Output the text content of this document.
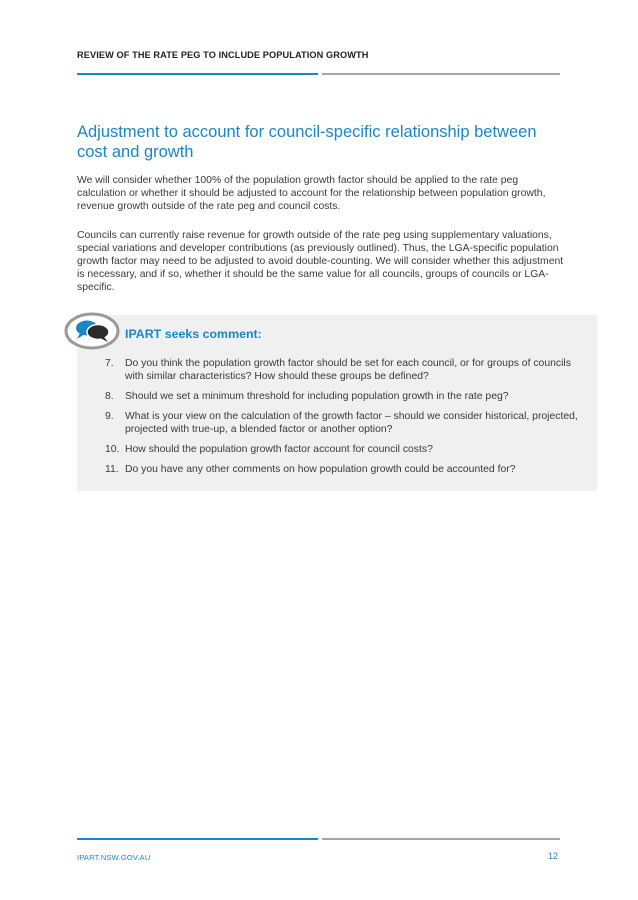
REVIEW OF THE RATE PEG TO INCLUDE POPULATION GROWTH
Adjustment to account for council-specific relationship between cost and growth

We will consider whether 100% of the population growth factor should be applied to the rate peg calculation or whether it should be adjusted to account for the relationship between population growth, revenue growth outside of the rate peg and council costs.

Councils can currently raise revenue for growth outside of the rate peg using supplementary valuations, special variations and developer contributions (as previously outlined). Thus, the LGA-specific population growth factor may need to be adjusted to avoid double-counting. We will consider whether this adjustment is necessary, and if so, whether it should be the same value for all councils, groups of councils or LGA-specific.

IPART seeks comment:
7. Do you think the population growth factor should be set for each council, or for groups of councils with similar characteristics? How should these groups be defined?
8. Should we set a minimum threshold for including population growth in the rate peg?
9. What is your view on the calculation of the growth factor – should we consider historical, projected, projected with true-up, a blended factor or another option?
10. How should the population growth factor account for council costs?
11. Do you have any other comments on how population growth could be accounted for?
IPART.NSW.GOV.AU	12
